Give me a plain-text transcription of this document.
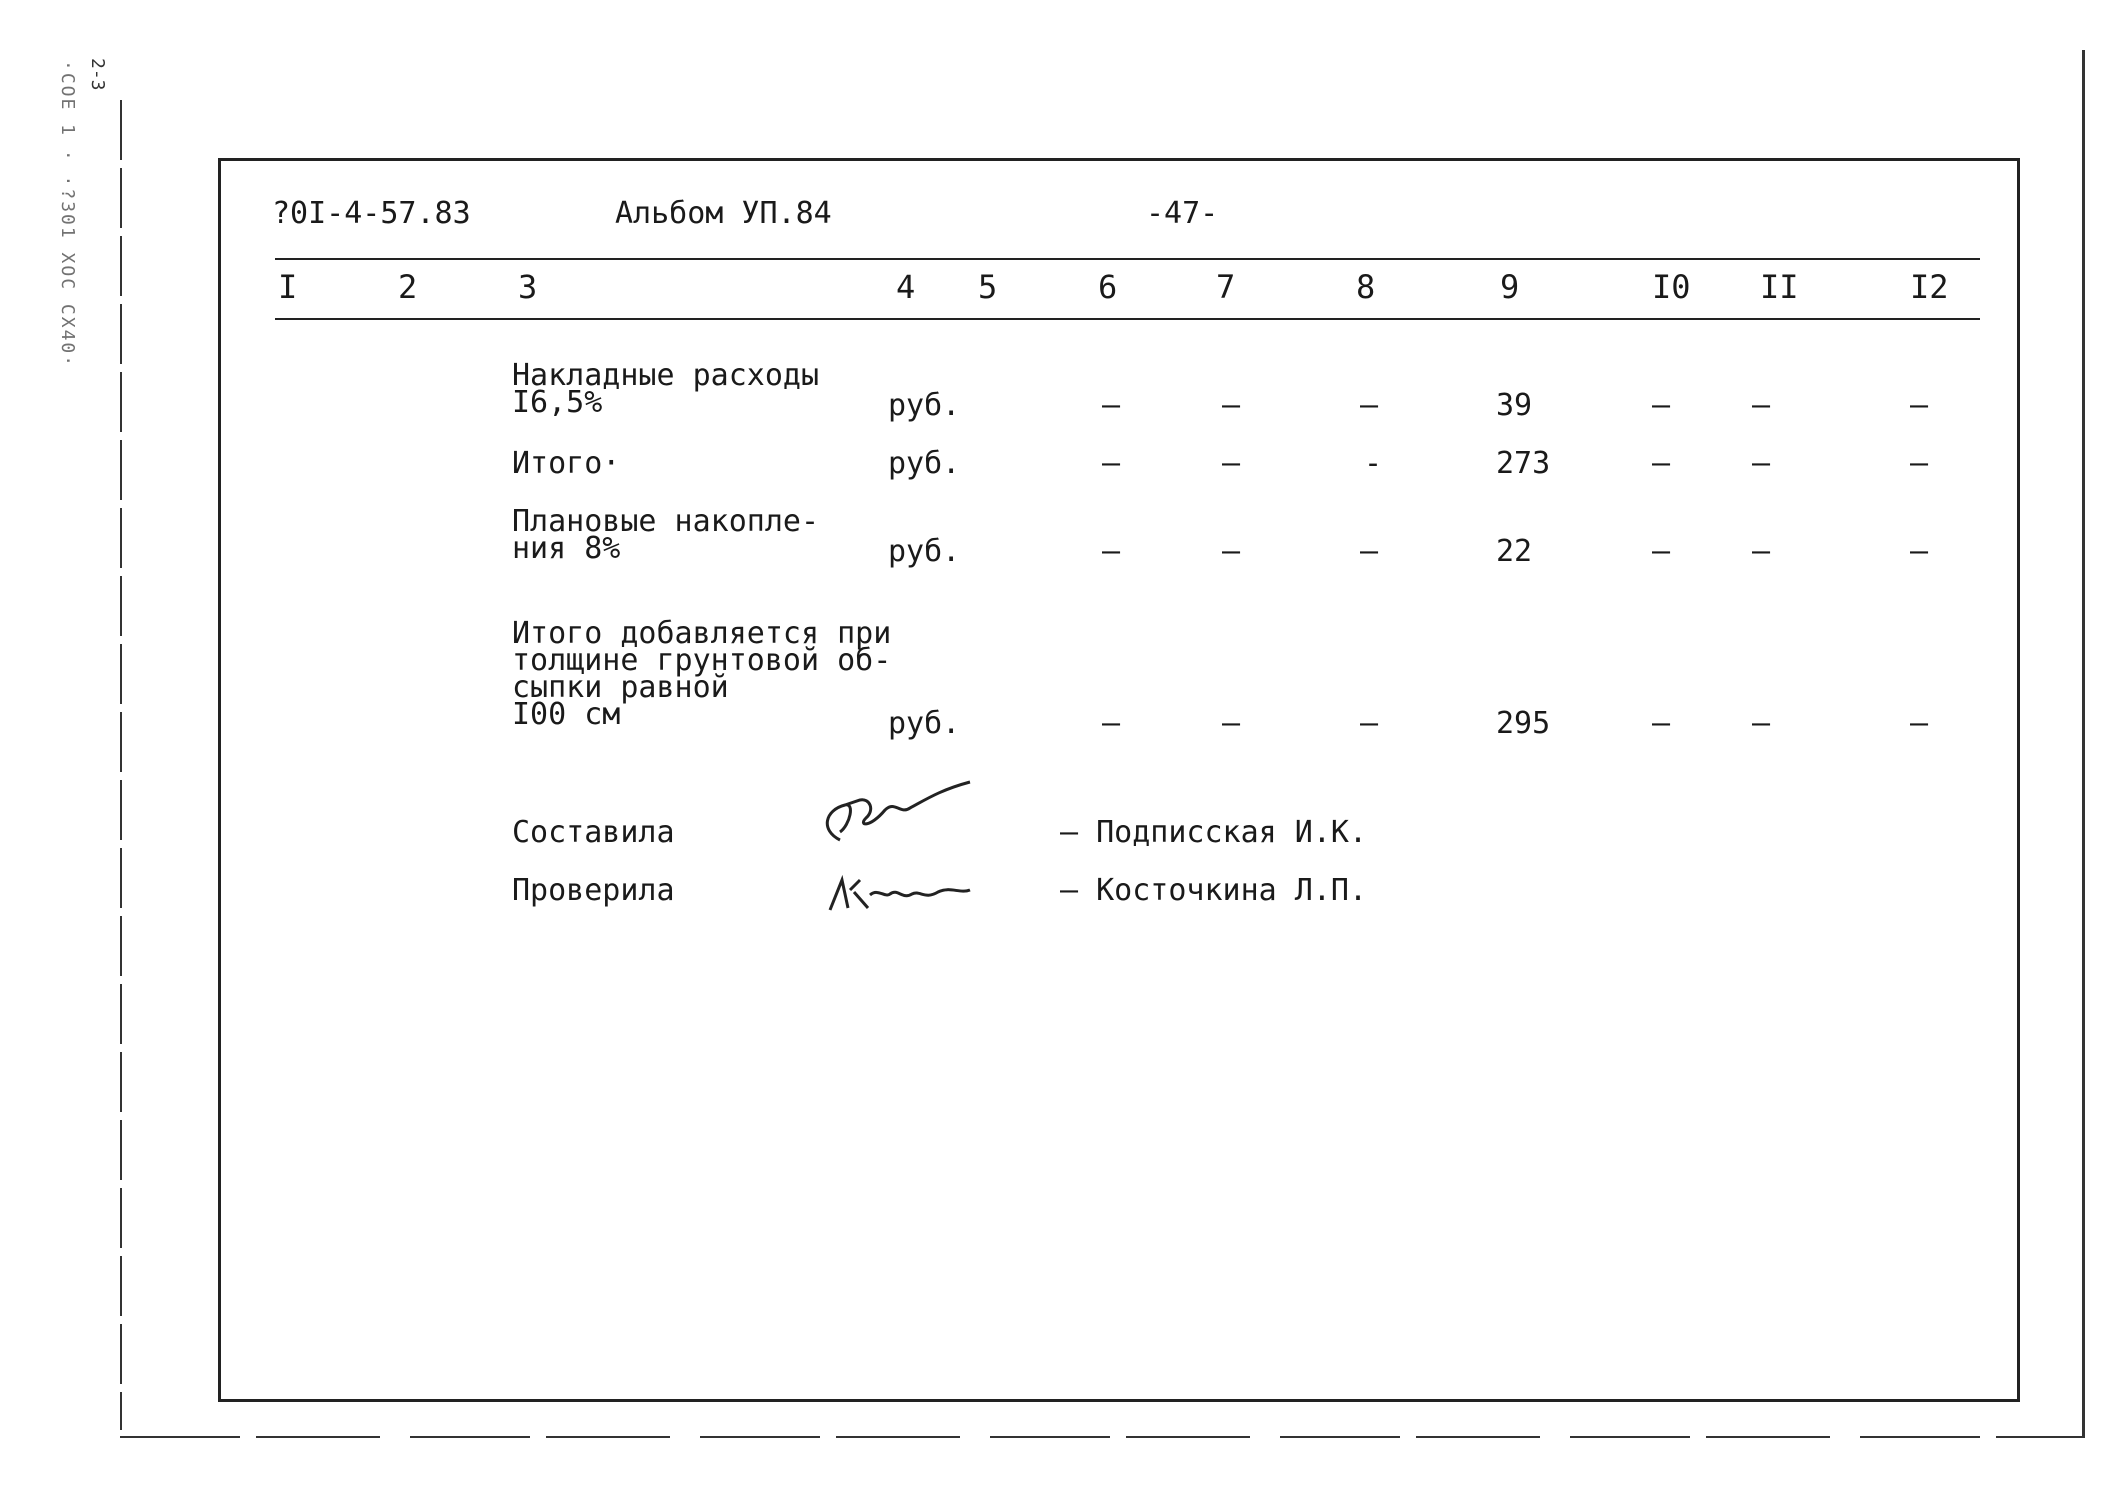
·СОЕ 1 · ·?301 ХОС СХ40· 2-3
?0I-4-57.83	Альбом УП.84	-47-
I	2	3	4 5	6	7	8	9	I0 II	I2
Накладные расходы
I6,5%	руб.	–	–	–	39	–	–	–
Итого·	руб.	–	–	-	273	–	–	–
Плановые накопле-
ния 8%	руб.	–	–	–	22	–	–	–
Итого добавляется при
толщине грунтовой об-
сыпки равной
I00 см	руб.	–	–	–	295	–	–	–
Составила	– Подписская И.К.
Проверила	– Косточкина Л.П.
